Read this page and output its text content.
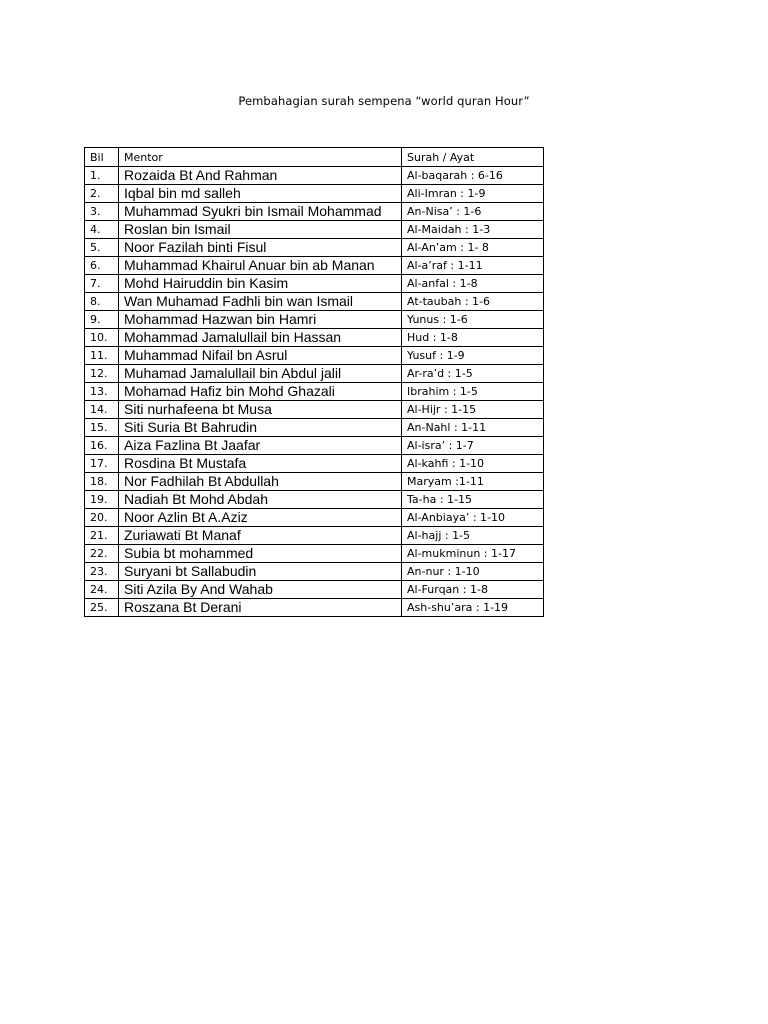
Pembahagian surah sempena “world quran Hour”
Bil	Mentor	Surah / Ayat
1.	Rozaida Bt And Rahman	Al-baqarah : 6-16
2.	Iqbal bin md salleh	Ali-Imran : 1-9
3.	Muhammad Syukri bin Ismail Mohammad	An-Nisa’ : 1-6
4.	Roslan bin Ismail	Al-Maidah : 1-3
5.	Noor Fazilah binti Fisul	Al-An’am : 1- 8
6.	Muhammad Khairul Anuar bin ab Manan	Al-a’raf : 1-11
7.	Mohd Hairuddin bin Kasim	Al-anfal : 1-8
8.	Wan Muhamad Fadhli bin wan Ismail	At-taubah : 1-6
9.	Mohammad Hazwan bin Hamri	Yunus : 1-6
10.	Mohammad Jamalullail bin Hassan	Hud : 1-8
11.	Muhammad Nifail bn Asrul	Yusuf : 1-9
12.	Muhamad Jamalullail bin Abdul jalil	Ar-ra’d : 1-5
13.	Mohamad Hafiz bin Mohd Ghazali	Ibrahim : 1-5
14.	Siti nurhafeena bt Musa	Al-Hijr : 1-15
15.	Siti Suria Bt Bahrudin	An-Nahl : 1-11
16.	Aiza Fazlina Bt Jaafar	Al-isra’ : 1-7
17.	Rosdina Bt Mustafa	Al-kahfi : 1-10
18.	Nor Fadhilah Bt Abdullah	Maryam :1-11
19.	Nadiah Bt Mohd Abdah	Ta-ha : 1-15
20.	Noor Azlin Bt A.Aziz	Al-Anbiaya’ : 1-10
21.	Zuriawati Bt Manaf	Al-hajj : 1-5
22.	Subia bt mohammed	Al-mukminun : 1-17
23.	Suryani bt Sallabudin	An-nur : 1-10
24.	Siti Azila By And Wahab	Al-Furqan : 1-8
25.	Roszana Bt Derani	Ash-shu’ara : 1-19
